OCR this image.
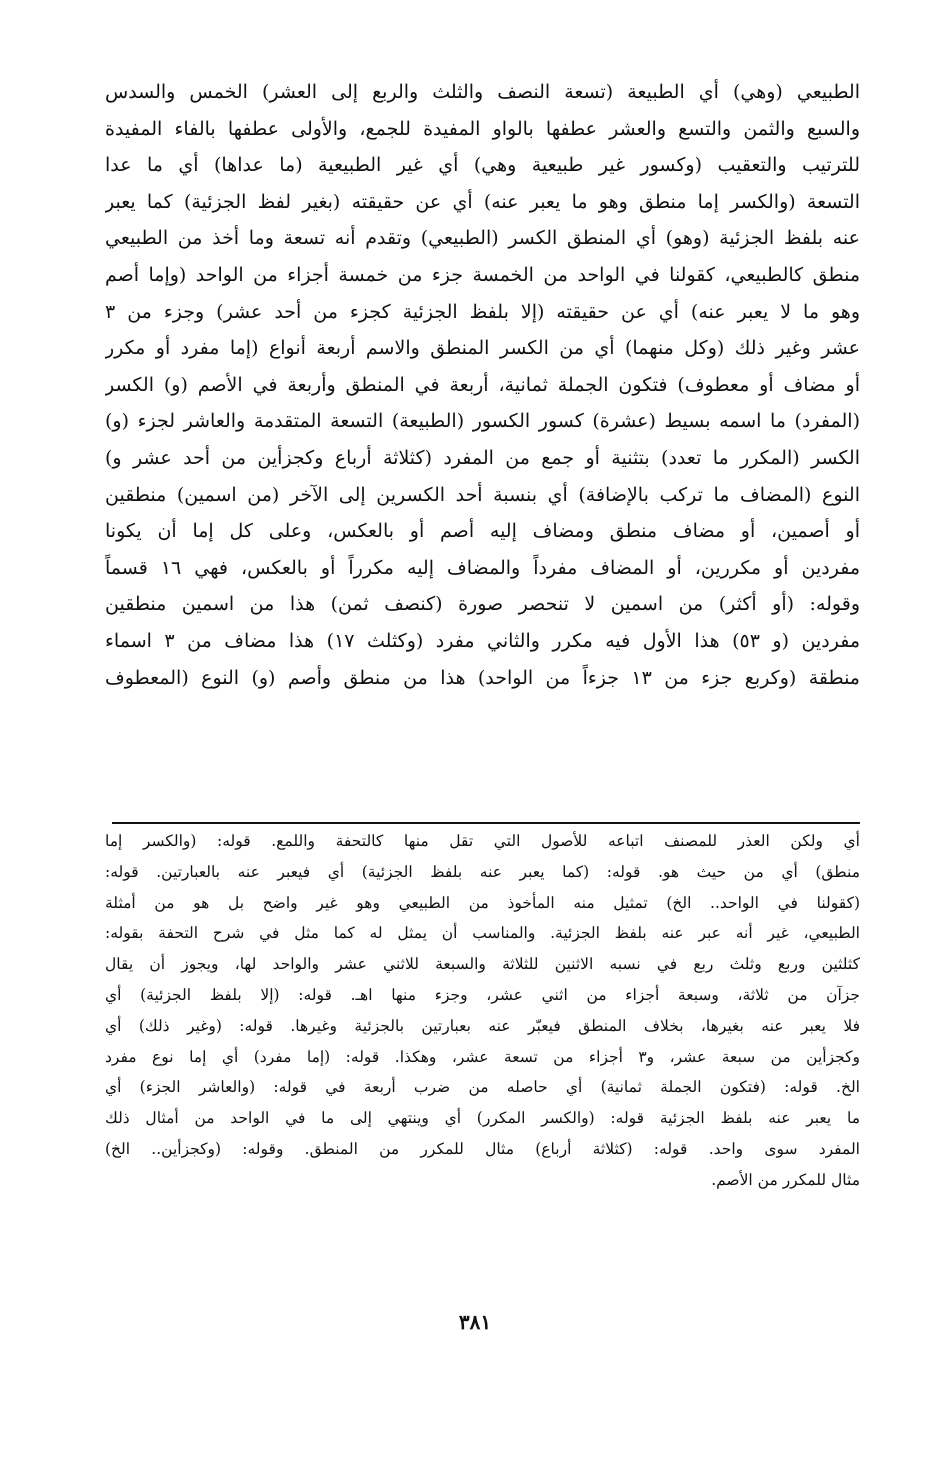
الطبيعي (وهي) أي الطبيعة (تسعة النصف والثلث والربع إلى العشر) الخمس والسدس
والسبع والثمن والتسع والعشر عطفها بالواو المفيدة للجمع، والأولى عطفها بالفاء المفيدة
للترتيب والتعقيب (وكسور غير طبيعية وهي) أي غير الطبيعية (ما عداها) أي ما عدا
التسعة (والكسر إما منطق وهو ما يعبر عنه) أي عن حقيقته (بغير لفظ الجزئية) كما يعبر
عنه بلفظ الجزئية (وهو) أي المنطق الكسر (الطبيعي) وتقدم أنه تسعة وما أخذ من الطبيعي
منطق كالطبيعي، كقولنا في الواحد من الخمسة جزء من خمسة أجزاء من الواحد (وإما أصم
وهو ما لا يعبر عنه) أي عن حقيقته (إلا بلفظ الجزئية كجزء من أحد عشر) وجزء من ٣
عشر وغير ذلك (وكل منهما) أي من الكسر المنطق والاسم أربعة أنواع (إما مفرد أو مكرر
أو مضاف أو معطوف) فتكون الجملة ثمانية، أربعة في المنطق وأربعة في الأصم (و) الكسر
(المفرد) ما اسمه بسيط (عشرة) كسور الكسور (الطبيعة) التسعة المتقدمة والعاشر لجزء (و)
الكسر (المكرر ما تعدد) بتثنية أو جمع من المفرد (كثلاثة أرباع وكجزأين من أحد عشر و)
النوع (المضاف ما تركب بالإضافة) أي بنسبة أحد الكسرين إلى الآخر (من اسمين) منطقين
أو أصمين، أو مضاف منطق ومضاف إليه أصم أو بالعكس، وعلى كل إما أن يكونا
مفردين أو مكررين، أو المضاف مفرداً والمضاف إليه مكرراً أو بالعكس، فهي ١٦ قسماً
وقوله: (أو أكثر) من اسمين لا تنحصر صورة (كنصف ثمن) هذا من اسمين منطقين
مفردين (و ٥٣) هذا الأول فيه مكرر والثاني مفرد (وكثلث ١٧) هذا مضاف من ٣ اسماء
منطقة (وكربع جزء من ١٣ جزءاً من الواحد) هذا من منطق وأصم (و) النوع (المعطوف
أي ولكن العذر للمصنف اتباعه للأصول التي تقل منها كالتحفة واللمع. قوله: (والكسر إما
منطق) أي من حيث هو. قوله: (كما يعبر عنه بلفظ الجزئية) أي فيعبر عنه بالعبارتين. قوله:
(كقولنا في الواحد.. الخ) تمثيل منه المأخوذ من الطبيعي وهو غير واضح بل هو من أمثلة
الطبيعي، غير أنه عبر عنه بلفظ الجزئية. والمناسب أن يمثل له كما مثل في شرح التحفة بقوله:
كثلثين وربع وثلث ربع في نسبه الاثنين للثلاثة والسبعة للاثني عشر والواحد لها، ويجوز أن يقال
جزآن من ثلاثة، وسبعة أجزاء من اثني عشر، وجزء منها اهـ. قوله: (إلا بلفظ الجزئية) أي
فلا يعبر عنه بغيرها، بخلاف المنطق فيعبّر عنه بعبارتين بالجزئية وغيرها. قوله: (وغير ذلك) أي
وكجزأين من سبعة عشر، و٣ أجزاء من تسعة عشر، وهكذا. قوله: (إما مفرد) أي إما نوع مفرد
الخ. قوله: (فتكون الجملة ثمانية) أي حاصله من ضرب أربعة في قوله: (والعاشر الجزء) أي
ما يعبر عنه بلفظ الجزئية قوله: (والكسر المكرر) أي وينتهي إلى ما في الواحد من أمثال ذلك
المفرد سوى واحد. قوله: (كثلاثة أرباع) مثال للمكرر من المنطق. وقوله: (وكجزأين.. الخ)
مثال للمكرر من الأصم.
٣٨١
